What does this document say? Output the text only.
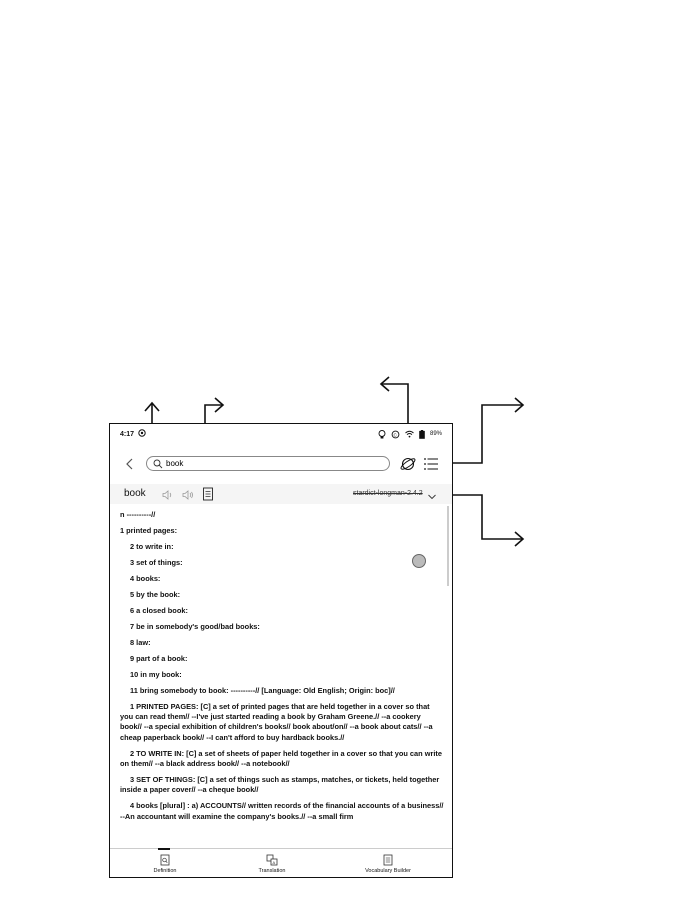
4:17	C	89%
book
book	stardict-longman-2.4.2
n ----------//

1 printed pages:

2 to write in:

3 set of things:

4 books:

5 by the book:

6 a closed book:

7 be in somebody's good/bad books:

8 law:

9 part of a book:

10 in my book:

11 bring somebody to book: ----------// [Language: Old English; Origin: boc]//

1 PRINTED PAGES: [C] a set of printed pages that are held together in a cover so that you can read them// --I've just started reading a book by Graham Greene.// --a cookery book// --a special exhibition of children's books// book about/on// --a book about cats// --a cheap paperback book// --I can't afford to buy hardback books.//

2 TO WRITE IN: [C] a set of sheets of paper held together in a cover so that you can write on them// --a black address book// --a notebook//

3 SET OF THINGS: [C] a set of things such as stamps, matches, or tickets, held together inside a paper cover// --a cheque book//

4 books [plural] : a) ACCOUNTS// written records of the financial accounts of a business// --An accountant will examine the company's books.// --a small firm

Definition
A
Translation	Vocabulary Builder
